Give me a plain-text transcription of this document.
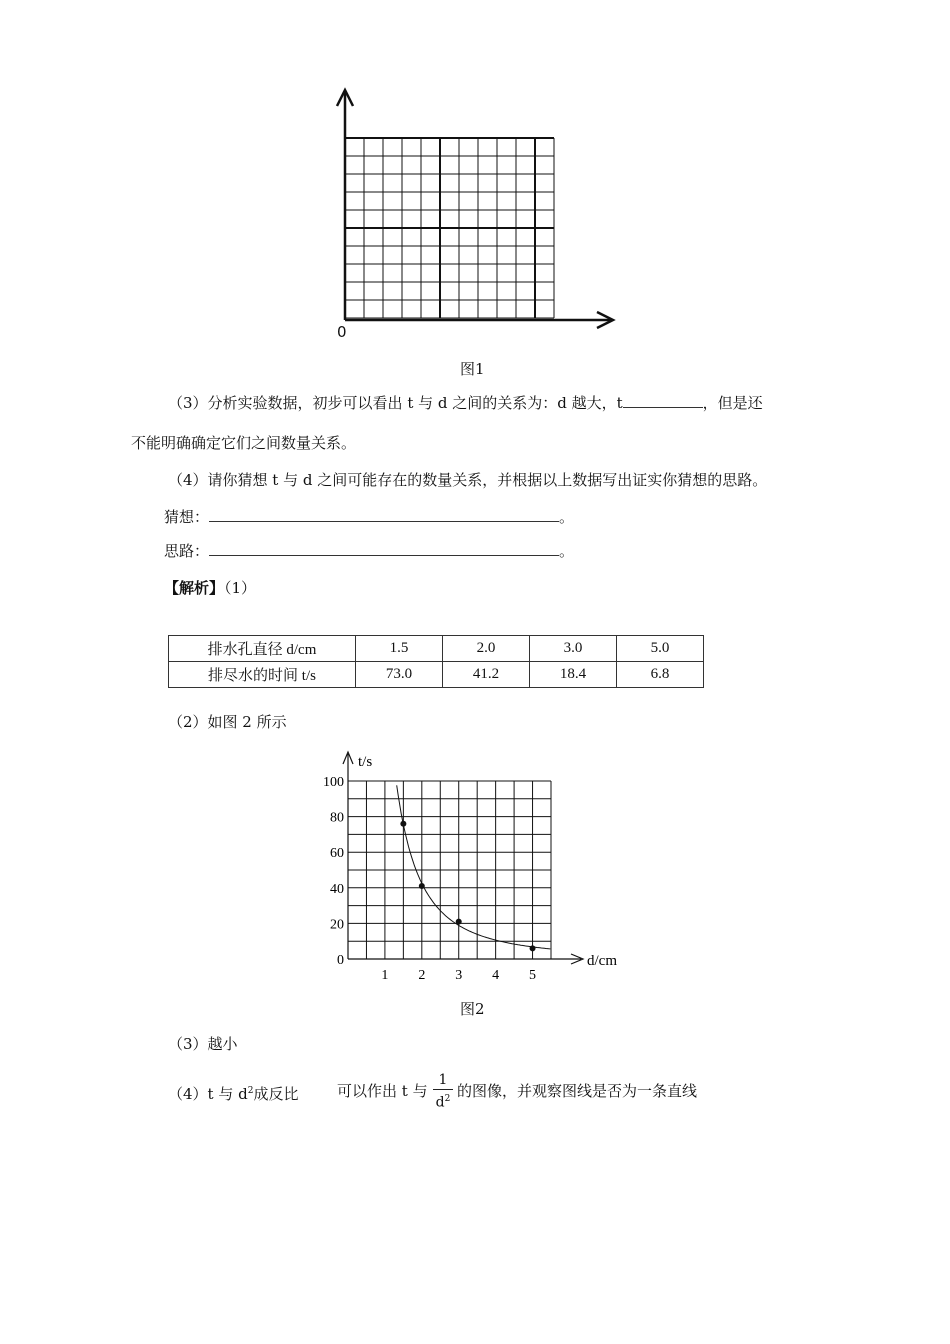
0
图1
（3）分析实验数据，初步可以看出 t 与 d 之间的关系为：d 越大，t	，但是还
不能明确确定它们之间数量关系。
（4）请你猜想 t 与 d 之间可能存在的数量关系，并根据以上数据写出证实你猜想的思路。
猜想：	。
思路：	。
【解析】（1）
排水孔直径 d/cm	1.5	2.0	3.0	5.0
排尽水的时间 t/s	73.0	41.2	18.4	6.8
（2）如图 2 所示
t/s
d/cm
0
20
40
60
80
100
1 2 3 4 5
图2
（3）越小
（4）t 与 $d^2$成反比	可以作出 t 与
1
$d^2$ 的图像，并观察图线是否为一条直线
